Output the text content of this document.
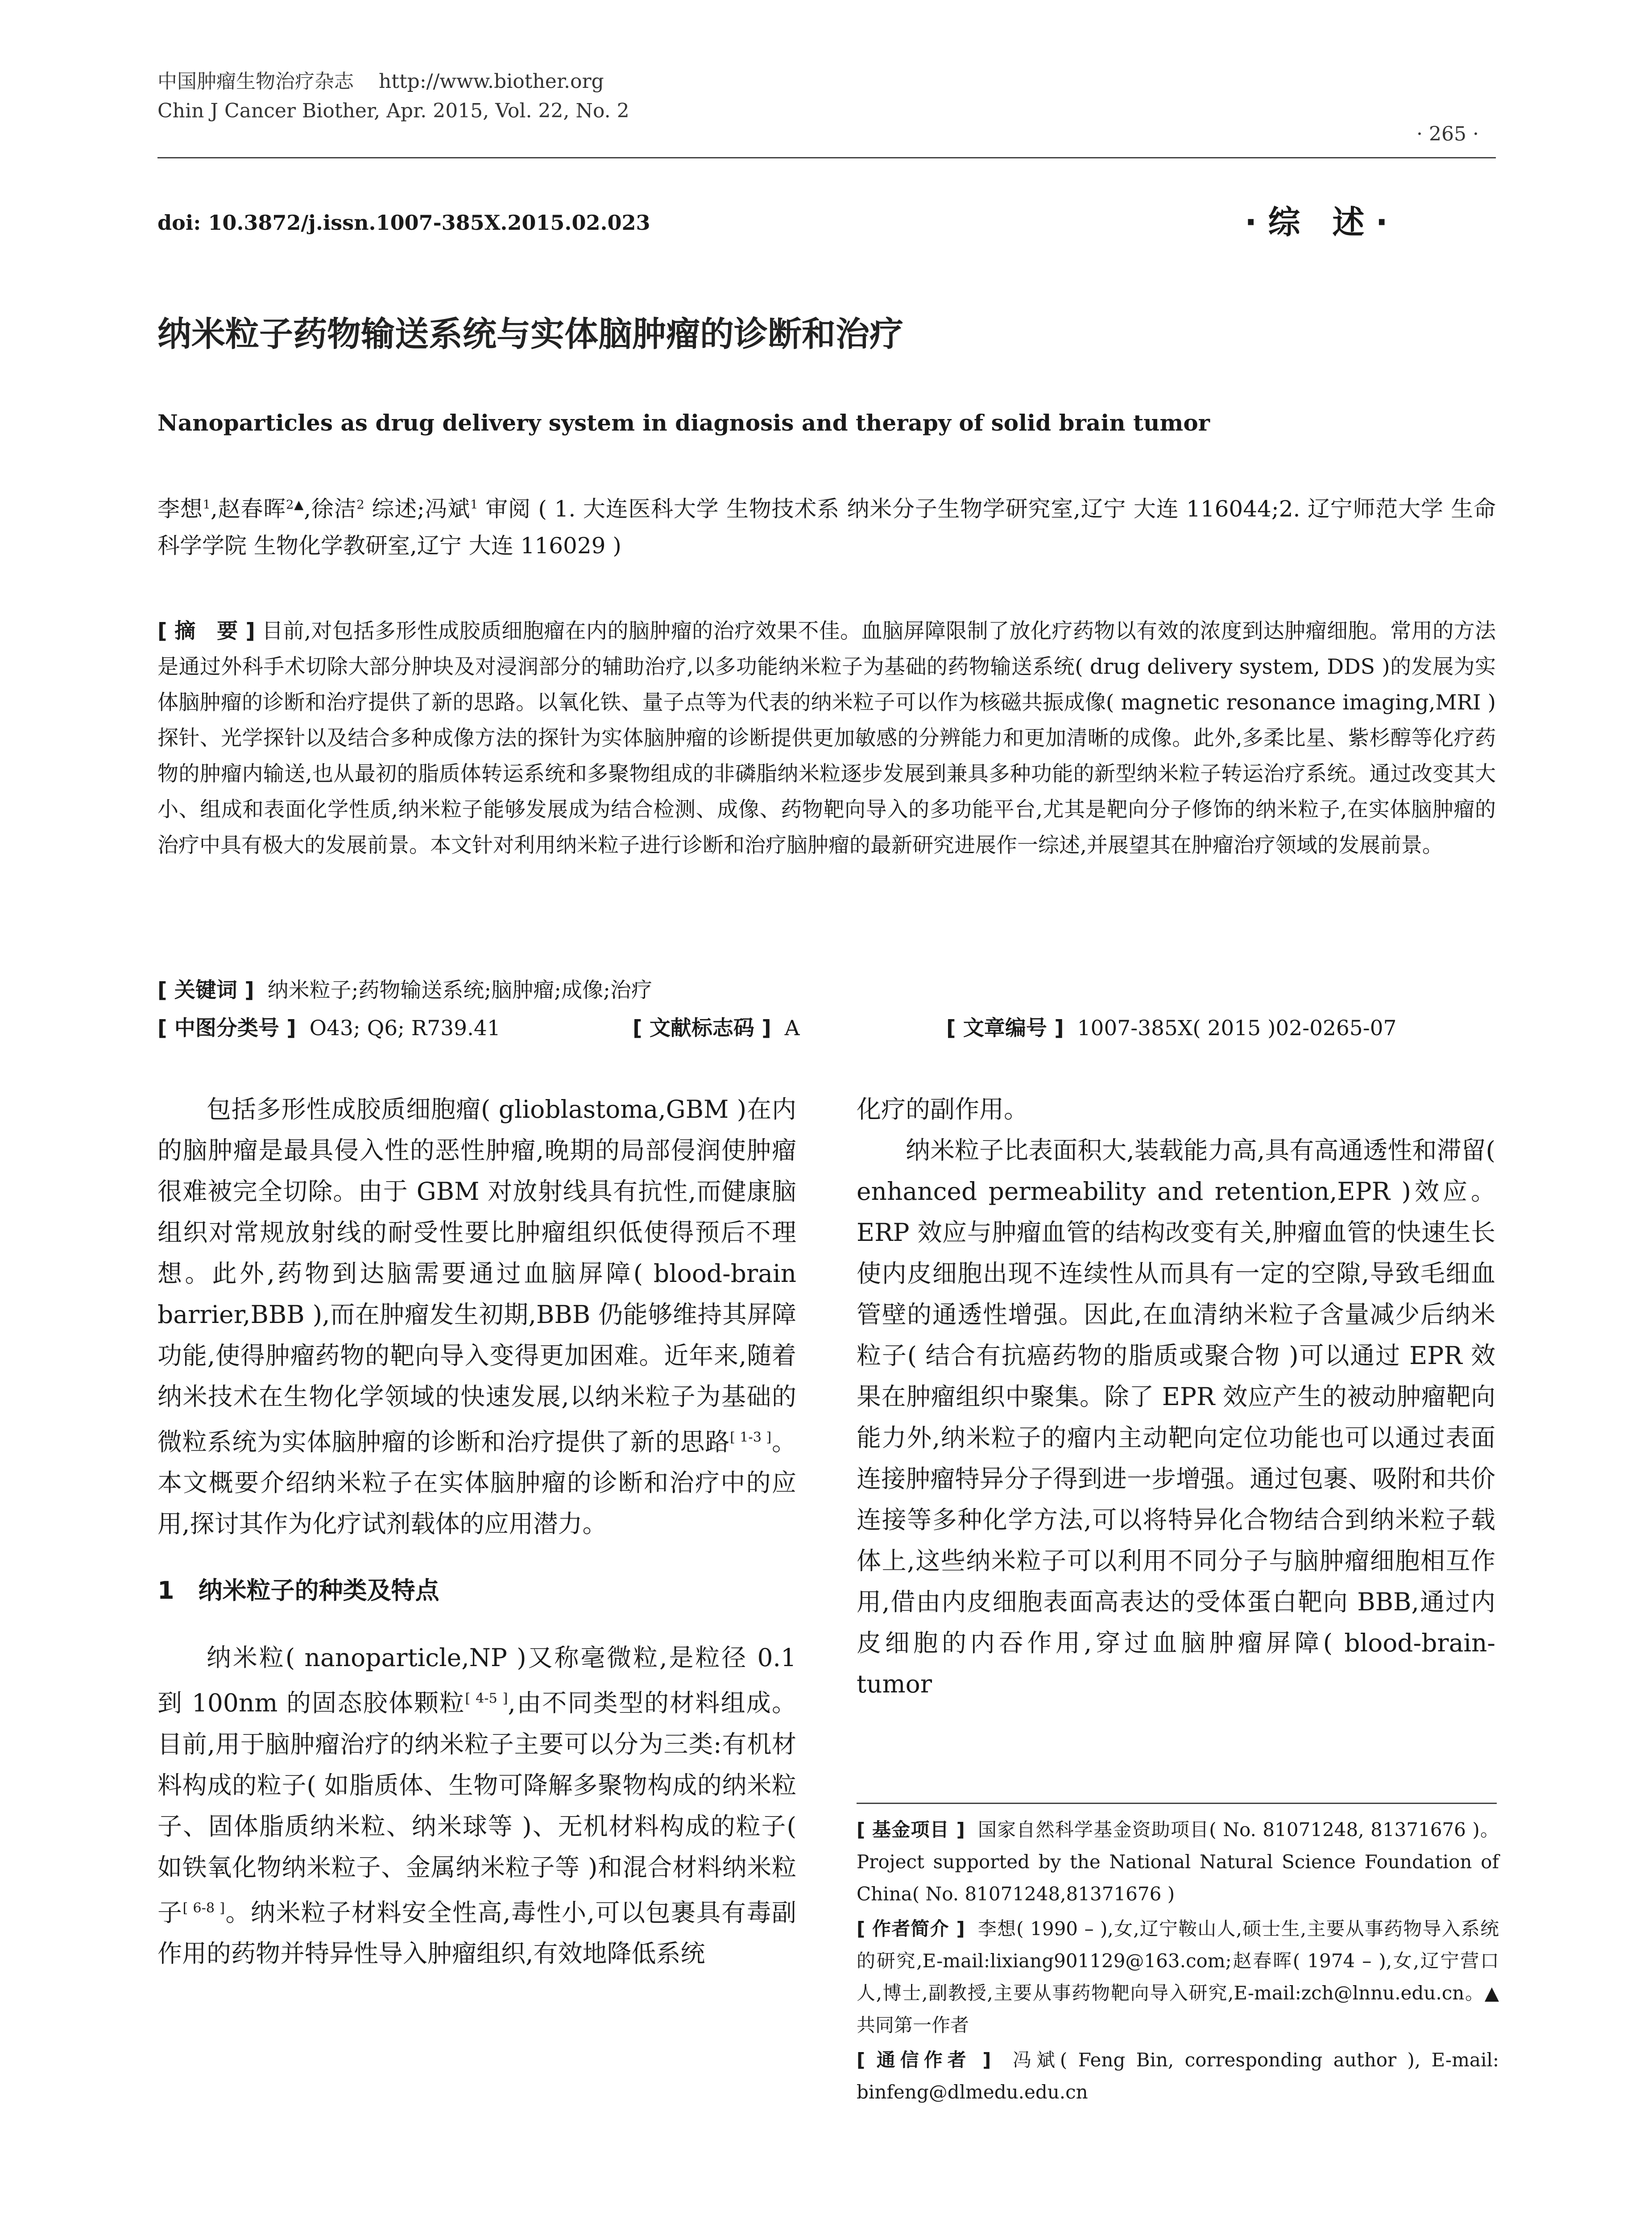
中国肿瘤生物治疗杂志 http://www.biother.org
Chin J Cancer Biother, Apr. 2015, Vol. 22, No. 2
· 265 ·
doi: 10.3872/j.issn.1007-385X.2015.02.023	· 综　述 ·
纳米粒子药物输送系统与实体脑肿瘤的诊断和治疗
Nanoparticles as drug delivery system in diagnosis and therapy of solid brain tumor
李想$^1$,赵春晖$^{2▲}$,徐洁$^2$ 综述;冯斌$^1$ 审阅 ( 1. 大连医科大学 生物技术系 纳米分子生物学研究室,辽宁 大连 116044;2. 辽宁师范大学 生命科学学院 生物化学教研室,辽宁 大连 116029 )
[ 摘　要 ] 目前,对包括多形性成胶质细胞瘤在内的脑肿瘤的治疗效果不佳。血脑屏障限制了放化疗药物以有效的浓度到达肿瘤细胞。常用的方法是通过外科手术切除大部分肿块及对浸润部分的辅助治疗,以多功能纳米粒子为基础的药物输送系统( drug delivery system, DDS )的发展为实体脑肿瘤的诊断和治疗提供了新的思路。以氧化铁、量子点等为代表的纳米粒子可以作为核磁共振成像( magnetic resonance imaging,MRI )探针、光学探针以及结合多种成像方法的探针为实体脑肿瘤的诊断提供更加敏感的分辨能力和更加清晰的成像。此外,多柔比星、紫杉醇等化疗药物的肿瘤内输送,也从最初的脂质体转运系统和多聚物组成的非磷脂纳米粒逐步发展到兼具多种功能的新型纳米粒子转运治疗系统。通过改变其大小、组成和表面化学性质,纳米粒子能够发展成为结合检测、成像、药物靶向导入的多功能平台,尤其是靶向分子修饰的纳米粒子,在实体脑肿瘤的治疗中具有极大的发展前景。本文针对利用纳米粒子进行诊断和治疗脑肿瘤的最新研究进展作一综述,并展望其在肿瘤治疗领域的发展前景。
[ 关键词 ] 纳米粒子;药物输送系统;脑肿瘤;成像;治疗
[ 中图分类号 ] O43; Q6; R739.41	[ 文献标志码 ] A	[ 文章编号 ] 1007-385X( 2015 )02-0265-07

包括多形性成胶质细胞瘤( glioblastoma,GBM )在内的脑肿瘤是最具侵入性的恶性肿瘤,晚期的局部侵润使肿瘤很难被完全切除。由于 GBM 对放射线具有抗性,而健康脑组织对常规放射线的耐受性要比肿瘤组织低使得预后不理想。此外,药物到达脑需要通过血脑屏障( blood-brain barrier,BBB ),而在肿瘤发生初期,BBB 仍能够维持其屏障功能,使得肿瘤药物的靶向导入变得更加困难。近年来,随着纳米技术在生物化学领域的快速发展,以纳米粒子为基础的微粒系统为实体脑肿瘤的诊断和治疗提供了新的思路[ 1-3 ]。本文概要介绍纳米粒子在实体脑肿瘤的诊断和治疗中的应用,探讨其作为化疗试剂载体的应用潜力。

1　纳米粒子的种类及特点

纳米粒( nanoparticle,NP )又称毫微粒,是粒径 0.1 到 100nm 的固态胶体颗粒[ 4-5 ],由不同类型的材料组成。目前,用于脑肿瘤治疗的纳米粒子主要可以分为三类:有机材料构成的粒子( 如脂质体、生物可降解多聚物构成的纳米粒子、固体脂质纳米粒、纳米球等 )、无机材料构成的粒子( 如铁氧化物纳米粒子、金属纳米粒子等 )和混合材料纳米粒子[ 6-8 ]。纳米粒子材料安全性高,毒性小,可以包裹具有毒副作用的药物并特异性导入肿瘤组织,有效地降低系统

化疗的副作用。

纳米粒子比表面积大,装载能力高,具有高通透性和滞留( enhanced permeability and retention,EPR )效应。ERP 效应与肿瘤血管的结构改变有关,肿瘤血管的快速生长使内皮细胞出现不连续性从而具有一定的空隙,导致毛细血管壁的通透性增强。因此,在血清纳米粒子含量减少后纳米粒子( 结合有抗癌药物的脂质或聚合物 )可以通过 EPR 效果在肿瘤组织中聚集。除了 EPR 效应产生的被动肿瘤靶向能力外,纳米粒子的瘤内主动靶向定位功能也可以通过表面连接肿瘤特异分子得到进一步增强。通过包裹、吸附和共价连接等多种化学方法,可以将特异化合物结合到纳米粒子载体上,这些纳米粒子可以利用不同分子与脑肿瘤细胞相互作用,借由内皮细胞表面高表达的受体蛋白靶向 BBB,通过内皮细胞的内吞作用,穿过血脑肿瘤屏障( blood-brain-tumor

[ 基金项目 ] 国家自然科学基金资助项目( No. 81071248, 81371676 )。Project supported by the National Natural Science Foundation of China( No. 81071248,81371676 )

[ 作者简介 ] 李想( 1990 – ),女,辽宁鞍山人,硕士生,主要从事药物导入系统的研究,E-mail:lixiang901129@163.com;赵春晖( 1974 – ),女,辽宁营口人,博士,副教授,主要从事药物靶向导入研究,E-mail:zch@lnnu.edu.cn。▲共同第一作者

[ 通信作者 ] 冯斌( Feng Bin, corresponding author ), E-mail: binfeng@dlmedu.edu.cn
